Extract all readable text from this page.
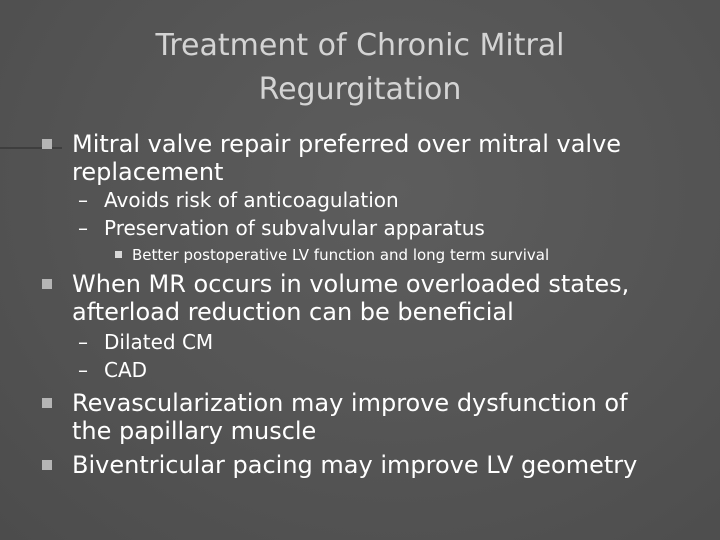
Treatment of Chronic Mitral
Regurgitation
Mitral valve repair preferred over mitral valve
replacement
– Avoids risk of anticoagulation
– Preservation of subvalvular apparatus
Better postoperative LV function and long term survival
When MR occurs in volume overloaded states,
afterload reduction can be beneficial
– Dilated CM
– CAD
Revascularization may improve dysfunction of
the papillary muscle
Biventricular pacing may improve LV geometry
